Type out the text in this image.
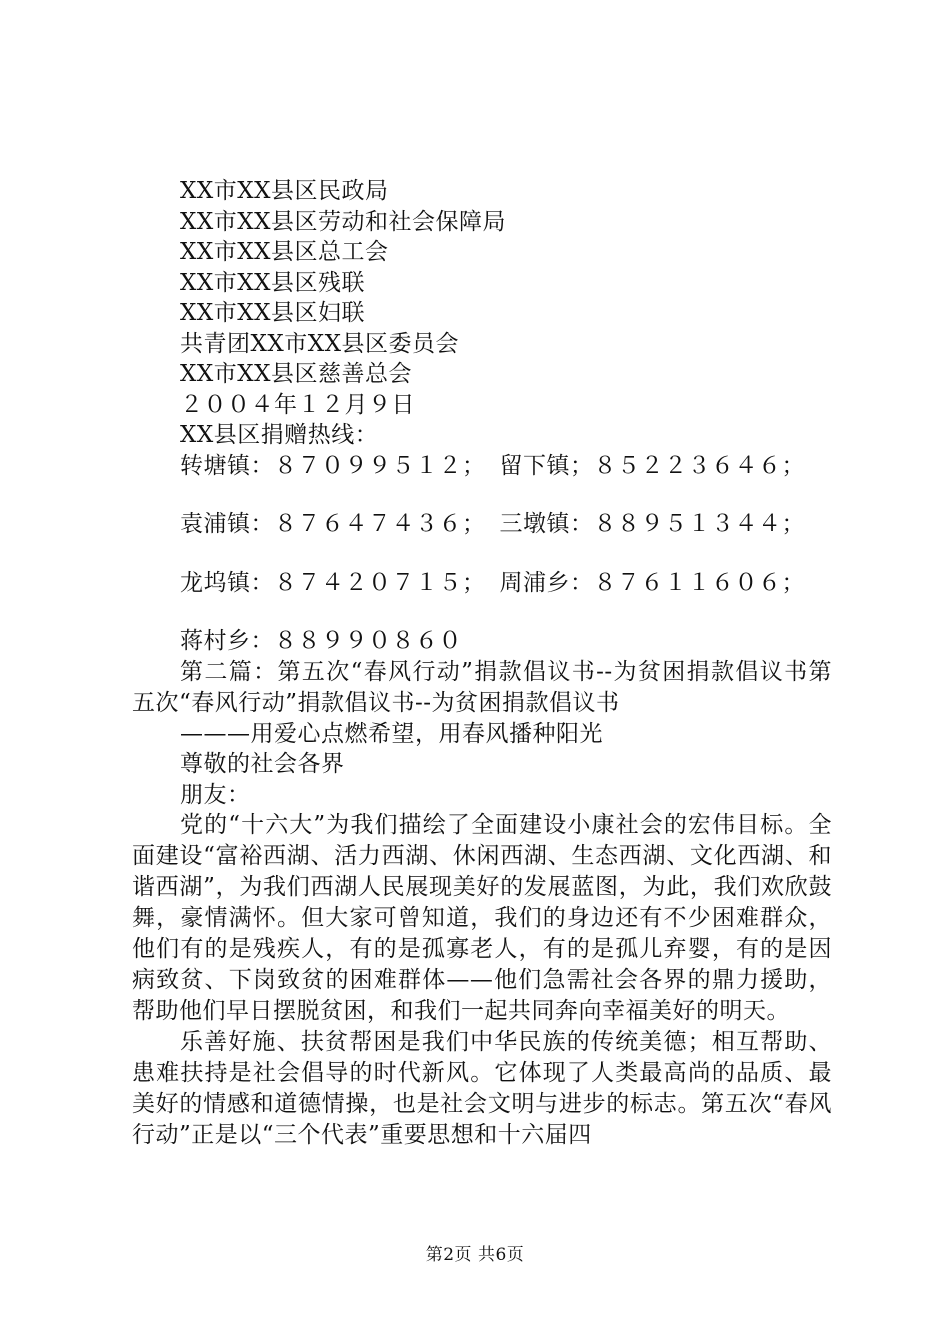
XX市XX县区民政局
XX市XX县区劳动和社会保障局
XX市XX县区总工会
XX市XX县区残联
XX市XX县区妇联
共青团XX市XX县区委员会
XX市XX县区慈善总会
２００４年１２月９日
XX县区捐赠热线：
转塘镇：８７０９９５１２； 留下镇；８５２２３６４６；
袁浦镇：８７６４７４３６； 三墩镇：８８９５１３４４；
龙坞镇：８７４２０７１５； 周浦乡：８７６１１６０６；
蒋村乡：８８９９０８６０

第二篇：第五次“春风行动”捐款倡议书--为贫困捐款倡议书第五次“春风行动”捐款倡议书--为贫困捐款倡议书

———用爱心点燃希望，用春风播种阳光
尊敬的社会各界
朋友：

党的“十六大”为我们描绘了全面建设小康社会的宏伟目标。全面建设“富裕西湖、活力西湖、休闲西湖、生态西湖、文化西湖、和谐西湖”，为我们西湖人民展现美好的发展蓝图，为此，我们欢欣鼓舞，豪情满怀。但大家可曾知道，我们的身边还有不少困难群众，他们有的是残疾人，有的是孤寡老人，有的是孤儿弃婴，有的是因病致贫、下岗致贫的困难群体——他们急需社会各界的鼎力援助，帮助他们早日摆脱贫困，和我们一起共同奔向幸福美好的明天。

乐善好施、扶贫帮困是我们中华民族的传统美德；相互帮助、患难扶持是社会倡导的时代新风。它体现了人类最高尚的品质、最美好的情感和道德情操，也是社会文明与进步的标志。第五次“春风行动”正是以“三个代表”重要思想和十六届四

第2页 共6页
